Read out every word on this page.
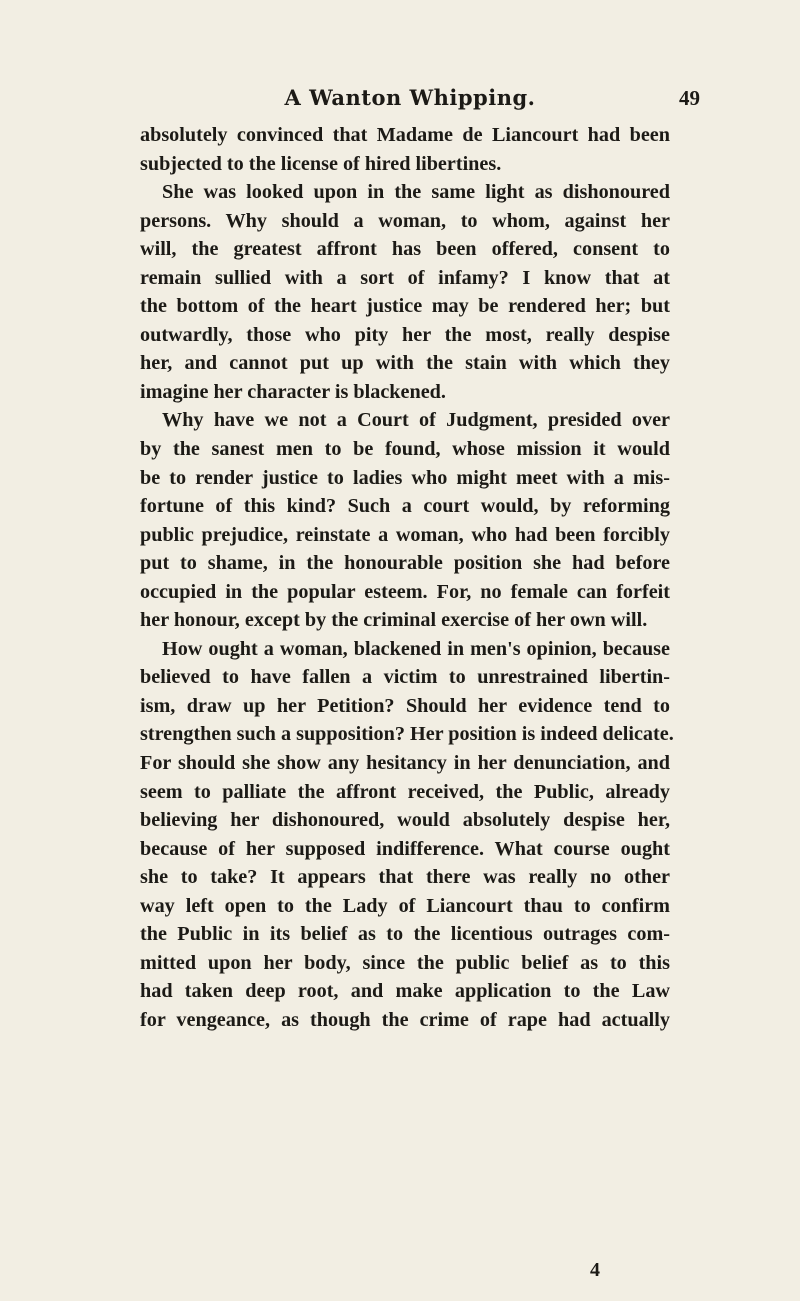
A Wanton Whipping.	49
absolutely convinced that Madame de Liancourt had been
subjected to the license of hired libertines.
She was looked upon in the same light as dishonoured
persons. Why should a woman, to whom, against her
will, the greatest affront has been offered, consent to
remain sullied with a sort of infamy? I know that at
the bottom of the heart justice may be rendered her; but
outwardly, those who pity her the most, really despise
her, and cannot put up with the stain with which they
imagine her character is blackened.
Why have we not a Court of Judgment, presided over
by the sanest men to be found, whose mission it would
be to render justice to ladies who might meet with a mis-
fortune of this kind? Such a court would, by reforming
public prejudice, reinstate a woman, who had been forcibly
put to shame, in the honourable position she had before
occupied in the popular esteem. For, no female can forfeit
her honour, except by the criminal exercise of her own will.
How ought a woman, blackened in men's opinion, because
believed to have fallen a victim to unrestrained libertin-
ism, draw up her Petition? Should her evidence tend to
strengthen such a supposition? Her position is indeed delicate.
For should she show any hesitancy in her denunciation, and
seem to palliate the affront received, the Public, already
believing her dishonoured, would absolutely despise her,
because of her supposed indifference. What course ought
she to take? It appears that there was really no other
way left open to the Lady of Liancourt thau to confirm
the Public in its belief as to the licentious outrages com-
mitted upon her body, since the public belief as to this
had taken deep root, and make application to the Law
for vengeance, as though the crime of rape had actually
4
